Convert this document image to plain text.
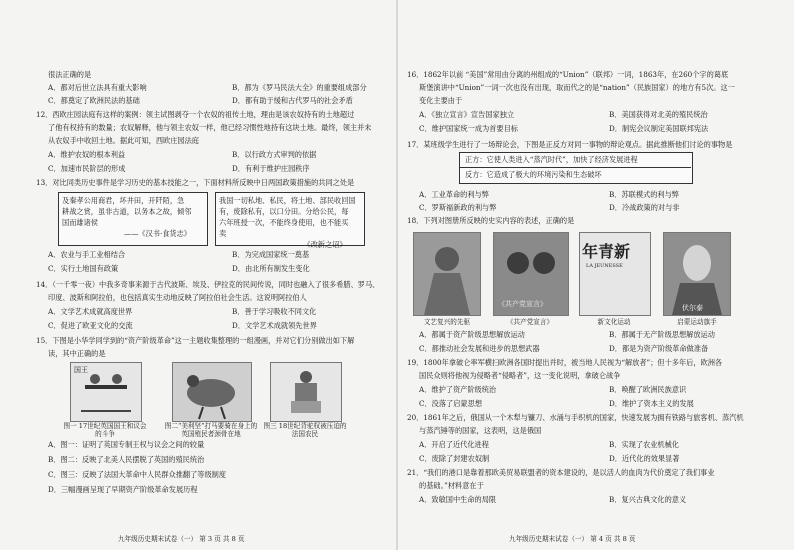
很法正确的是
A．都对后世立法具有重大影响	B．都为《罗马民法大全》的重要组成部分
C．都奠定了欧洲民法的基础	D．都有助于缓和古代罗马的社会矛盾
12．西欧庄园法庭有这样的案例：领主试图剥夺一个农奴的祖传土地，理由是该农奴持有的土地超过
了他有权持有的数量；农奴解释，他与领主农奴一样，他已经习惯性地持有这块土地。最终，领主并未
从农奴手中收回土地。据此可知，西欧庄园法庭
A．维护农奴的根本利益	B．以行政方式审判的依据
C．加速市民阶层的形成	D．有利于维护庄园秩序
13．对比同类历史事件是学习历史的基本技能之一，下面材料所反映中日两国政策措施的共同之处是
A．农业与手工业相结合	B．为完成国家统一奠基
C．实行土地国有政策	D．由北所有制发生变化
14．（一千零一夜）中我多奇事来源于古代波斯、埃及、伊拉克的民间传说，同时也融入了很多希腊、罗马、
印度、波斯和阿拉伯，也包括真实生动地反映了阿拉伯社会生活。这说明阿拉伯人
A．文学艺术成就高度世界	B．善于学习吸收不同文化
C．促进了欧亚文化的交流	D．文学艺术成就领先世界
15．下图是小华学同学到的“资产阶级革命”这一主题收集整理的一组漫画，并对它们分别做出如下解
读，其中正确的是
A．图一：证明了英国专制王权与议会之间的较量
B．图二：反映了北美人民摆脱了英国的殖民统治
C．图三：反映了法国大革命中人民群众推翻了等级制度
D．三幅漫画呈现了早期资产阶级革命发展历程
及秦孝公用商君，坏井田，开阡陌，急
耕战之赏，虽非古道，以务本之故，倾邻
国而雄诸侯
——《汉书·食货志》
我国一切私地、私民，将土地、部民收回国
有，废除私有，以口分田。分给公民，每
六年班授一次，不能终身使用，也不能买
卖
——《改新之诏》
国王
图一 17世纪英国国王和议会的斗争
图二“美利坚”打马要骑在身上的英国殖民者颈骨在地
图三 18世纪背驼权被压迫的法国农民
九年级历史期末试卷（一） 第 3 页 共 8 页
16．1862年以前 “美国”常用由分离的州组成的“Union”（联邦）一词，1863年，在260个字的葛底
斯堡演讲中“Union”一词一次也没有出现，取而代之的是“nation”（民族国家）的地方有5次。这一
变化主要由于
A．《独立宣言》宣告国家独立	B．美国获得对北美的殖民统治
C．维护国家统一成为首要目标	D．制宪会议制定美国联邦宪法
17．某班级学生进行了一场辩论会，下图是正反方对同一事物的辩论观点。据此推断他们讨论的事物是
A．工业革命的利与弊	B．苏联模式的利与弊
C．罗斯福新政的利与弊	D．冷战政策的对与非
18．下列对图册所反映的史实内容的表述，正确的是
A．都属于资产阶级思想解放运动	B．都属于无产阶级思想解放运动
C．都推动社会发展和进步的思想武器	D．都是为资产阶级革命做准备
19．1800年拿破仑率军横扫欧洲各国时提出并时，被当地人民视为“解放者”；但十多年后，欧洲各
国民众则将他视为侵略者“侵略者”，这一变化说明，拿破仑战争
A．维护了资产阶级统治	B．唤醒了欧洲民族意识
C．没落了启蒙思想	D．维护了资本主义的发展
20．1861年之后，俄国从一个木犁与镰刀、水涌与手织机的国家，快速发展为拥有铁路与旅客机、蒸汽机
与蒸汽锤等的国家，这表明，这是俄国
A．开启了近代化进程	B．实现了农业机械化
C．废除了封建农奴制	D．近代化的效果显著
21．“我们的港口是靠着那欧美贸易联盟者的资本建设的，是以活人的血肉为代价奠定了我们事业
的基础。”材料意在于
A．致敏国中生命的局限	B．复兴古典文化的意义
正方：它使人类进入“蒸汽时代”，加快了经济发展进程
反方：它造成了极大的环境污染和生态破坏
《共产党宣言》
年青新
LA JEUNESSE
伏尔泰
文艺复兴的先驱	《共产党宣言》	新文化运动	启蒙运动旗手
九年级历史期末试卷（一） 第 4 页 共 8 页
